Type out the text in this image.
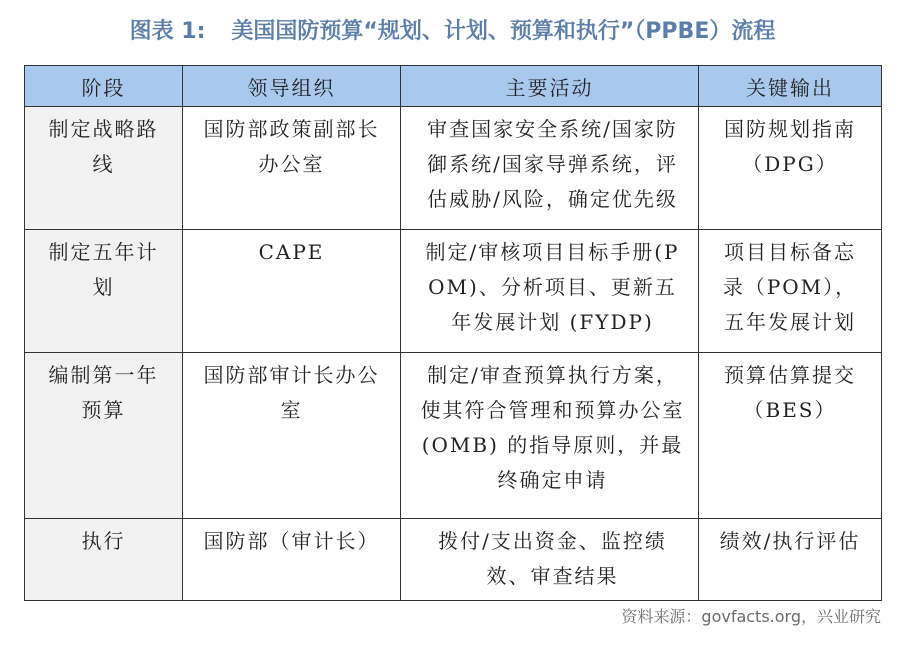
图表 1: 美国国防预算“规划、计划、预算和执行”（PPBE）流程
阶段	领导组织	主要活动	关键输出
制定战略路线	国防部政策副部长办公室	审查国家安全系统/国家防御系统/国家导弹系统，评估威胁/风险，确定优先级	国防规划指南（DPG）
制定五年计划	CAPE	制定/审核项目目标手册(POM)、分析项目、更新五年发展计划 (FYDP)	项目目标备忘录（POM），五年发展计划
编制第一年预算	国防部审计长办公室	制定/审查预算执行方案，使其符合管理和预算办公室 (OMB) 的指导原则，并最终确定申请	预算估算提交（BES）
执行	国防部（审计长）	拨付/支出资金、监控绩效、审查结果	绩效/执行评估
资料来源：govfacts.org，兴业研究
